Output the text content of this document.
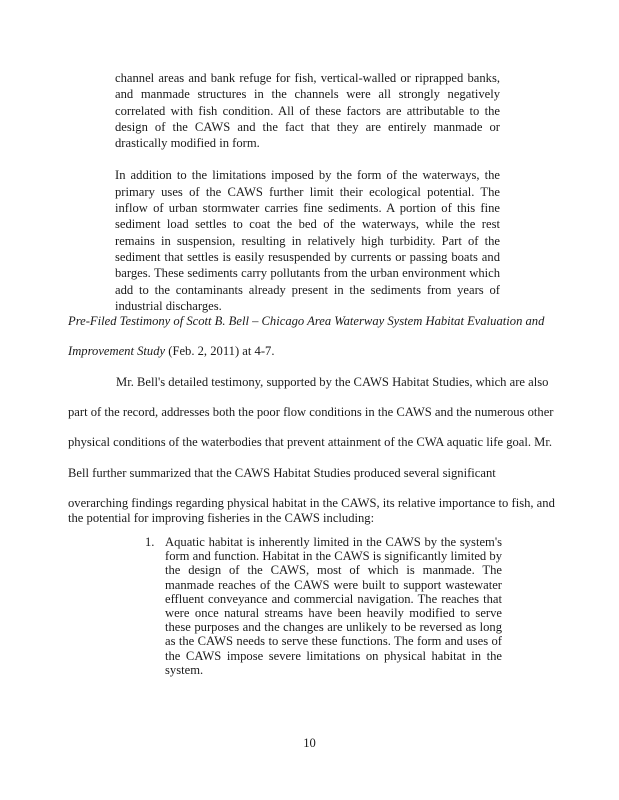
channel areas and bank refuge for fish, vertical-walled or riprapped banks, and manmade structures in the channels were all strongly negatively correlated with fish condition. All of these factors are attributable to the design of the CAWS and the fact that they are entirely manmade or drastically modified in form.

In addition to the limitations imposed by the form of the waterways, the primary uses of the CAWS further limit their ecological potential. The inflow of urban stormwater carries fine sediments. A portion of this fine sediment load settles to coat the bed of the waterways, while the rest remains in suspension, resulting in relatively high turbidity. Part of the sediment that settles is easily resuspended by currents or passing boats and barges. These sediments carry pollutants from the urban environment which add to the contaminants already present in the sediments from years of industrial discharges.

Pre-Filed Testimony of Scott B. Bell – Chicago Area Waterway System Habitat Evaluation and
Improvement Study (Feb. 2, 2011) at 4-7.
Mr. Bell's detailed testimony, supported by the CAWS Habitat Studies, which are also
part of the record, addresses both the poor flow conditions in the CAWS and the numerous other
physical conditions of the waterbodies that prevent attainment of the CWA aquatic life goal. Mr.
Bell further summarized that the CAWS Habitat Studies produced several significant
overarching findings regarding physical habitat in the CAWS, its relative importance to fish, and
the potential for improving fisheries in the CAWS including:
1. Aquatic habitat is inherently limited in the CAWS by the system's form and function. Habitat in the CAWS is significantly limited by the design of the CAWS, most of which is manmade. The manmade reaches of the CAWS were built to support wastewater effluent conveyance and commercial navigation. The reaches that were once natural streams have been heavily modified to serve these purposes and the changes are unlikely to be reversed as long as the CAWS needs to serve these functions. The form and uses of the CAWS impose severe limitations on physical habitat in the system.
10
